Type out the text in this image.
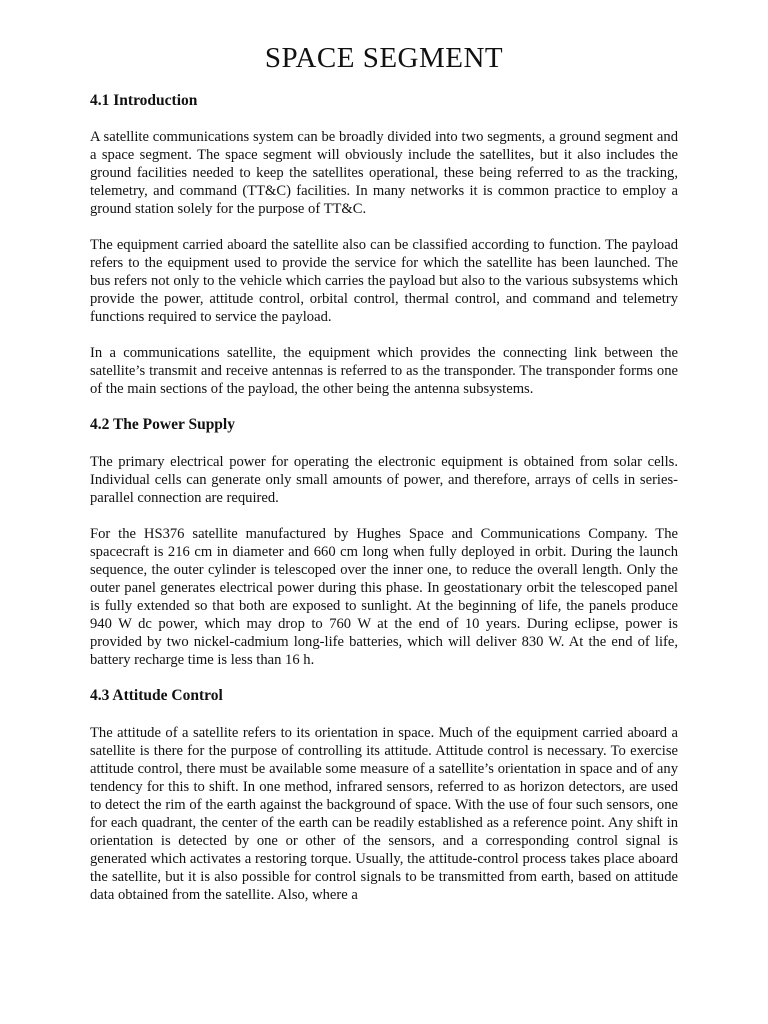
SPACE SEGMENT
4.1 Introduction

A satellite communications system can be broadly divided into two segments, a ground segment and a space segment. The space segment will obviously include the satellites, but it also includes the ground facilities needed to keep the satellites operational, these being referred to as the tracking, telemetry, and command (TT&C) facilities. In many networks it is common practice to employ a ground station solely for the purpose of TT&C.

The equipment carried aboard the satellite also can be classified according to function. The payload refers to the equipment used to provide the service for which the satellite has been launched. The bus refers not only to the vehicle which carries the payload but also to the various subsystems which provide the power, attitude control, orbital control, thermal control, and command and telemetry functions required to service the payload.

In a communications satellite, the equipment which provides the connecting link between the satellite’s transmit and receive antennas is referred to as the transponder. The transponder forms one of the main sections of the payload, the other being the antenna subsystems.

4.2 The Power Supply

The primary electrical power for operating the electronic equipment is obtained from solar cells. Individual cells can generate only small amounts of power, and therefore, arrays of cells in series-parallel connection are required.

For the HS376 satellite manufactured by Hughes Space and Communications Company. The spacecraft is 216 cm in diameter and 660 cm long when fully deployed in orbit. During the launch sequence, the outer cylinder is telescoped over the inner one, to reduce the overall length. Only the outer panel generates electrical power during this phase. In geostationary orbit the telescoped panel is fully extended so that both are exposed to sunlight. At the beginning of life, the panels produce 940 W dc power, which may drop to 760 W at the end of 10 years. During eclipse, power is provided by two nickel-cadmium long-life batteries, which will deliver 830 W. At the end of life, battery recharge time is less than 16 h.

4.3 Attitude Control

The attitude of a satellite refers to its orientation in space. Much of the equipment carried aboard a satellite is there for the purpose of controlling its attitude. Attitude control is necessary. To exercise attitude control, there must be available some measure of a satellite’s orientation in space and of any tendency for this to shift. In one method, infrared sensors, referred to as horizon detectors, are used to detect the rim of the earth against the background of space. With the use of four such sensors, one for each quadrant, the center of the earth can be readily established as a reference point. Any shift in orientation is detected by one or other of the sensors, and a corresponding control signal is generated which activates a restoring torque. Usually, the attitude-control process takes place aboard the satellite, but it is also possible for control signals to be transmitted from earth, based on attitude data obtained from the satellite. Also, where a
